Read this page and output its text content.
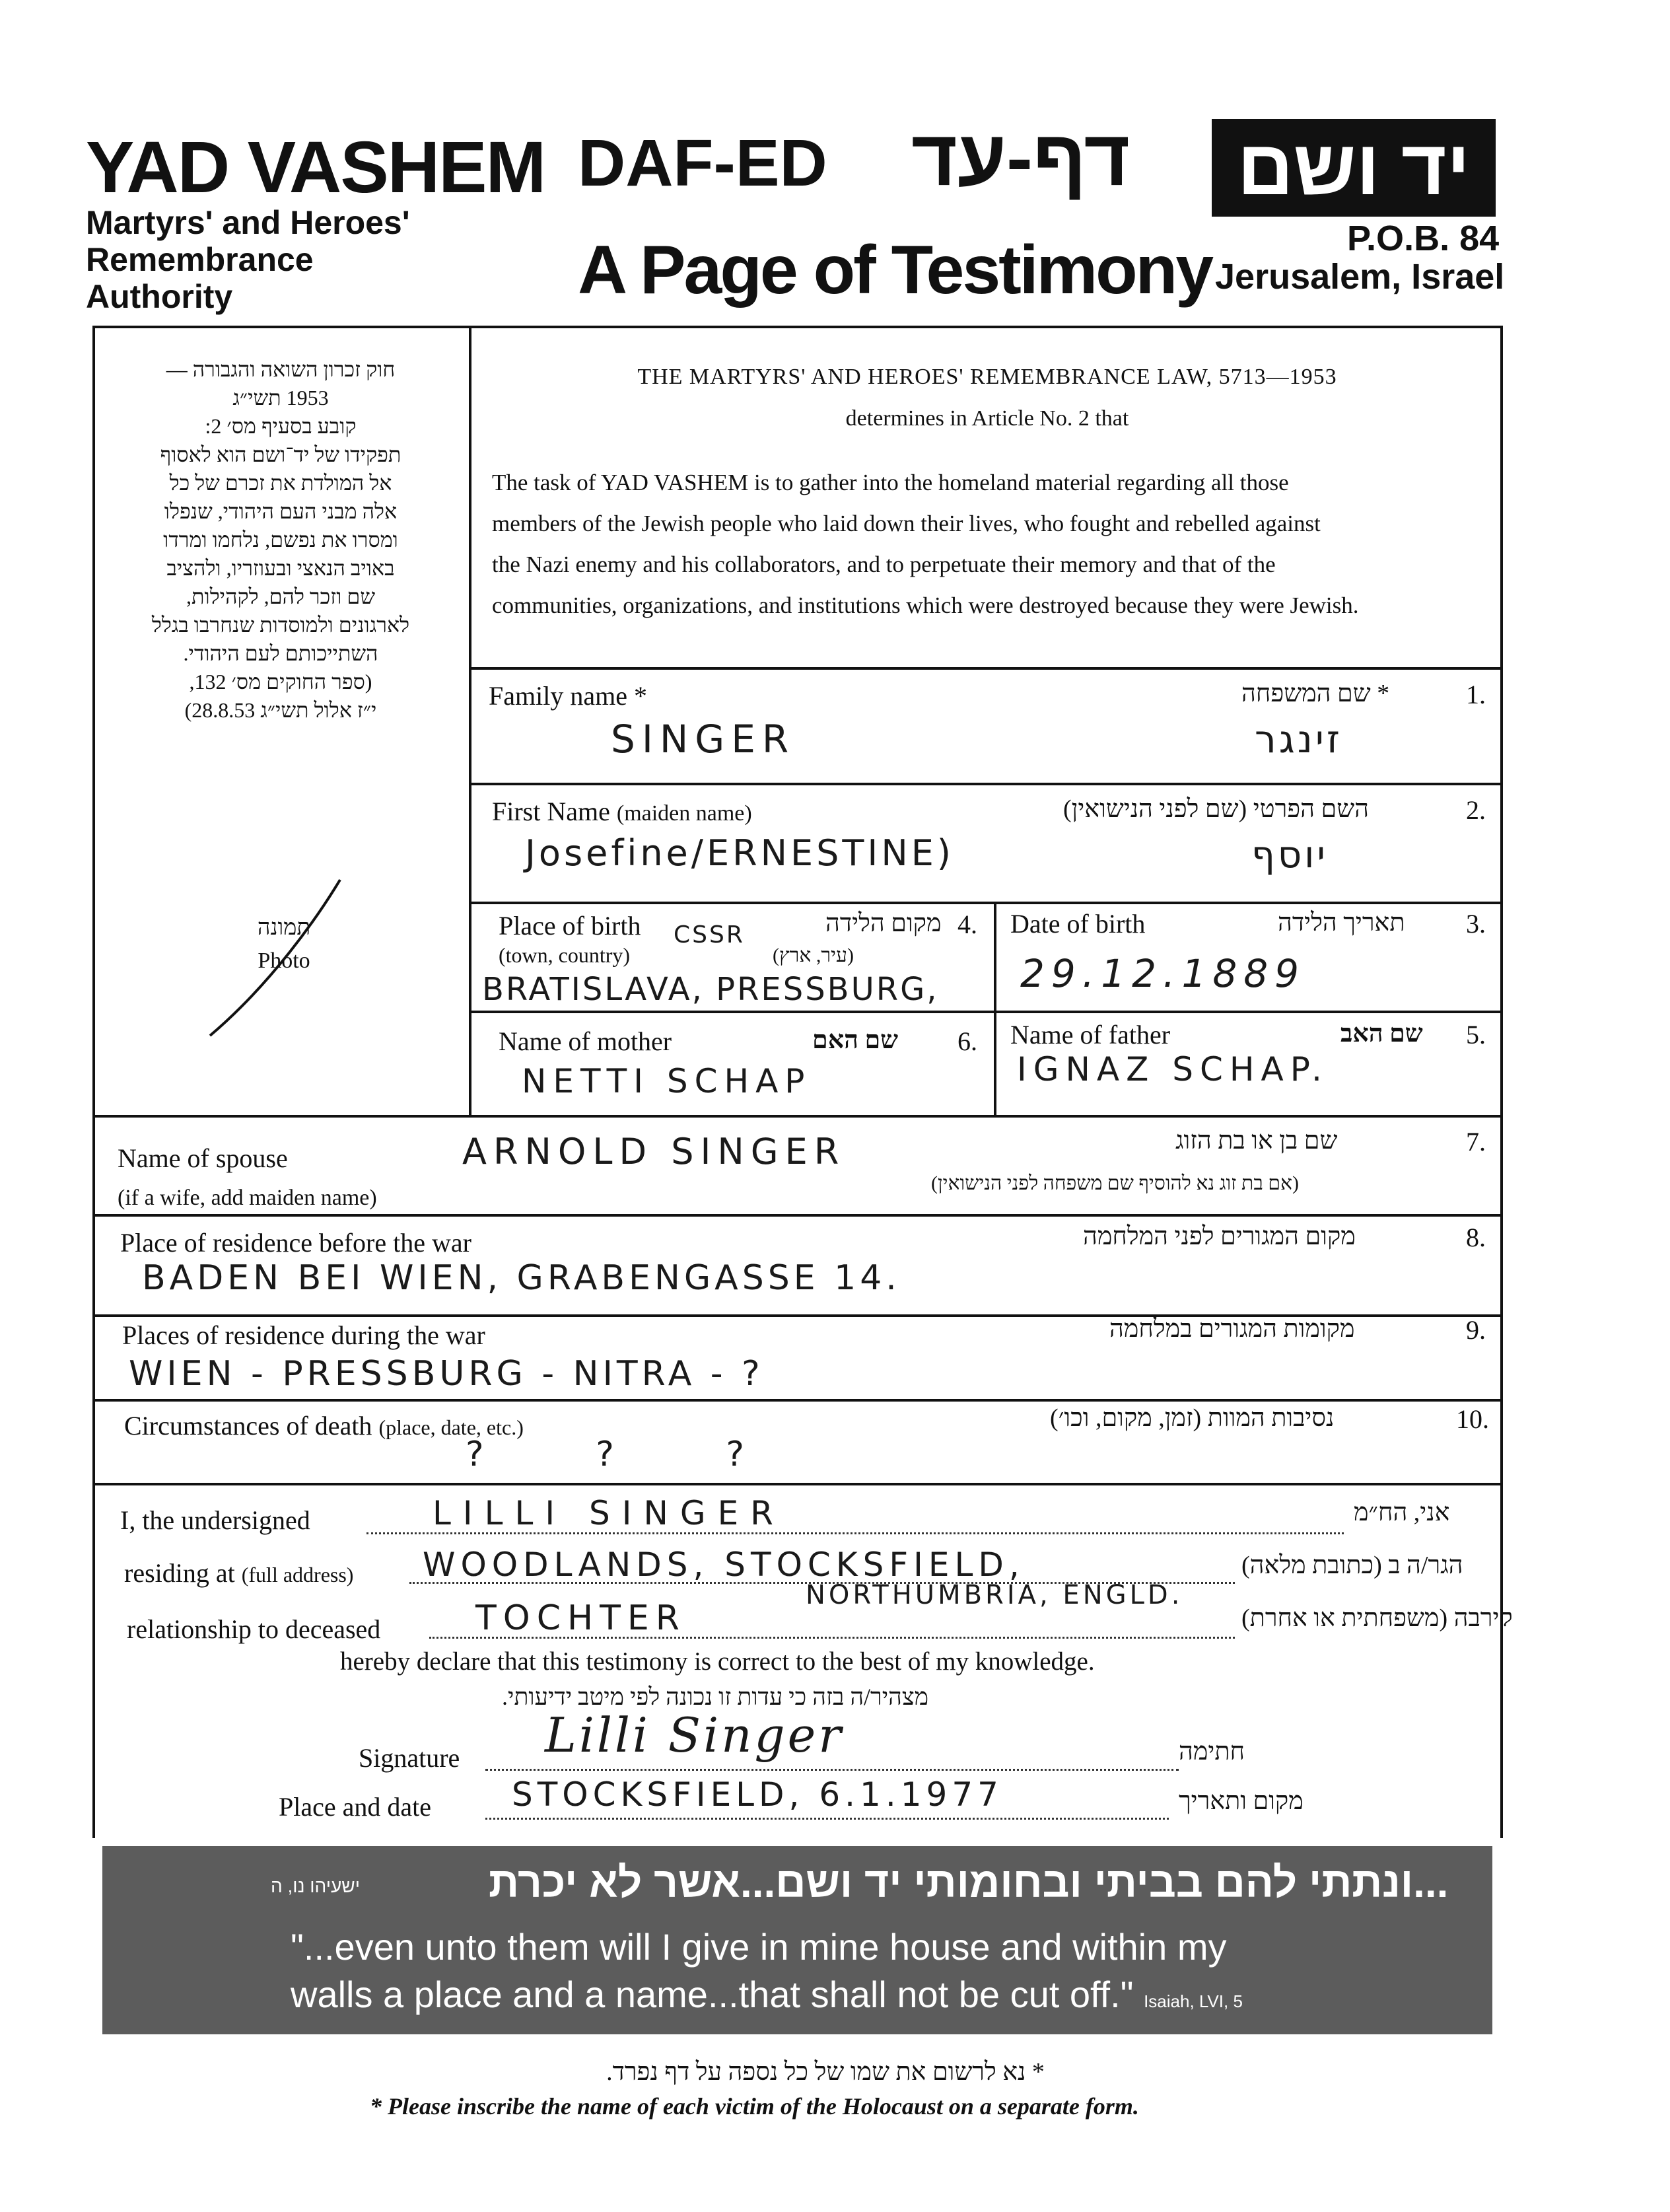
YAD VASHEM
Martyrs' and Heroes'
Remembrance
Authority
DAF-ED דף-עד
A Page of Testimony
יד ושם
P.O.B. 84
Jerusalem, Israel
חוק זכרון השואה והגבורה —
1953 תשי״ג
קובע בסעיף מס׳ 2:
תפקידו של יד־ושם הוא לאסוף
אל המולדת את זכרם של כל
אלה מבני העם היהודי, שנפלו
ומסרו את נפשם, נלחמו ומרדו
באויב הנאצי ובעוזריו, ולהציב
שם וזכר להם, לקהילות,
לארגונים ולמוסדות שנחרבו בגלל
השתייכותם לעם היהודי.
(ספר החוקים מס׳ 132,
י״ז אלול תשי״ג 28.8.53)
תמונה
Photo
THE MARTYRS' AND HEROES' REMEMBRANCE LAW, 5713—1953
determines in Article No. 2 that
The task of YAD VASHEM is to gather into the homeland material regarding all those
members of the Jewish people who laid down their lives, who fought and rebelled against
the Nazi enemy and his collaborators, and to perpetuate their memory and that of the
communities, organizations, and institutions which were destroyed because they were Jewish.
Family name *	* שם המשפחה	1.
SINGER	זינגר
First Name (maiden name)	השם הפרטי (שם לפני הנישואין)	2.
Josefine/ERNESTINE)	יוסף
Place of birth
(town, country)
מקום הלידה
(עיר, ארץ)
4.
CSSR
BRATISLAVA, PRESSBURG,
Date of birth	תאריך הלידה 3.
29.12.1889
Name of mother	שם האם 6.
NETTI SCHAP
Name of father	שם האב 5.
IGNAZ SCHAP.
Name of spouse
(if a wife, add maiden name)
שם בן או בת הזוג
(אם בת זוג נא להוסיף שם משפחה לפני הנישואין)
7.
ARNOLD SINGER
Place of residence before the war	מקום המגורים לפני המלחמה	8.
BADEN BEI WIEN, GRABENGASSE 14.
Places of residence during the war	מקומות המגורים במלחמה	9.
WIEN - PRESSBURG - NITRA - ?
Circumstances of death (place, date, etc.)	נסיבות המוות (זמן, מקום, וכו׳)	10.
?   ?   ?
I, the undersigned	LILLI SINGER	אני, הח״מ
residing at (full address) WOODLANDS, STOCKSFIELD,
NORTHUMBRIA, ENGLD.
הגר/ה ב (כתובת מלאה)
relationship to deceased	TOCHTER	קירבה (משפחתית או אחרת)
hereby declare that this testimony is correct to the best of my knowledge.
מצהיר/ה בזה כי עדות זו נכונה לפי מיטב ידיעותי.
Signature Lilli Singer	חתימה
Place and date STOCKSFIELD, 6.1.1977	מקום ותאריך
...ונתתי להם בביתי ובחומותי יד ושם...אשר לא יכרת
ישעיהו נו, ה
"...even unto them will I give in mine house and within my
walls a place and a name...that shall not be cut off." Isaiah, LVI, 5
* נא לרשום את שמו של כל נספה על דף נפרד.
* Please inscribe the name of each victim of the Holocaust on a separate form.
